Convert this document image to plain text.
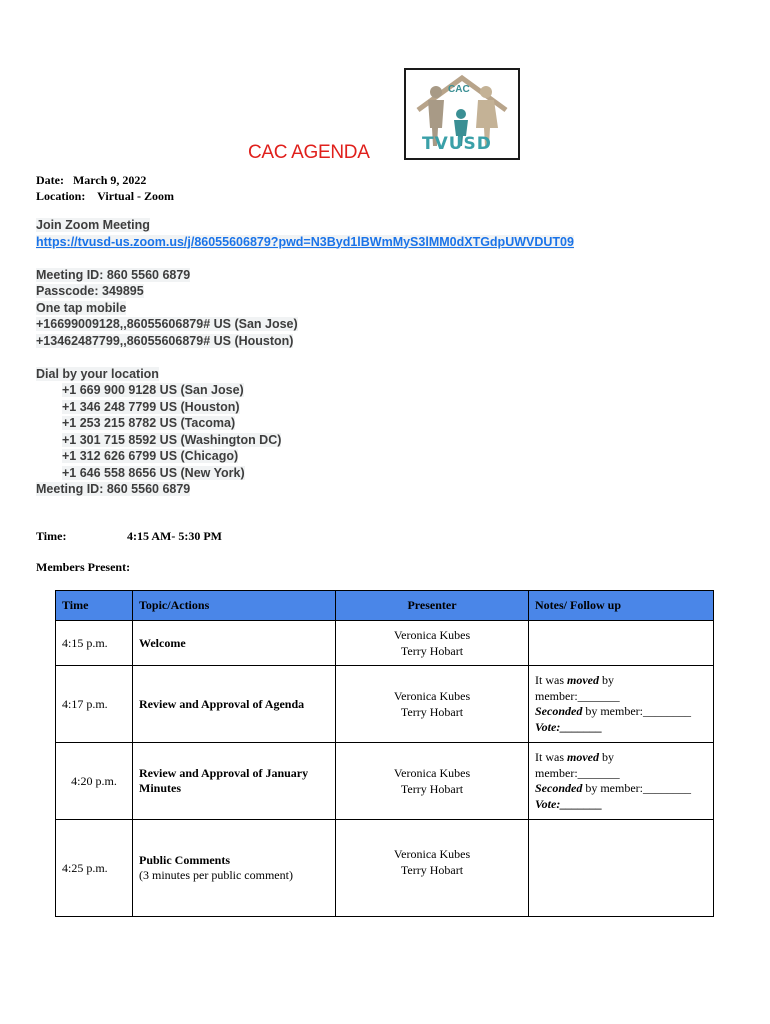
CAC
TVUSD
CAC AGENDA
Date: March 9, 2022
Location: Virtual - Zoom
Join Zoom Meeting
https://tvusd-us.zoom.us/j/86055606879?pwd=N3Byd1lBWmMyS3lMM0dXTGdpUWVDUT09
Meeting ID: 860 5560 6879
Passcode: 349895
One tap mobile
+16699009128,,86055606879# US (San Jose)
+13462487799,,86055606879# US (Houston)
Dial by your location
+1 669 900 9128 US (San Jose)
+1 346 248 7799 US (Houston)
+1 253 215 8782 US (Tacoma)
+1 301 715 8592 US (Washington DC)
+1 312 626 6799 US (Chicago)
+1 646 558 8656 US (New York)
Meeting ID: 860 5560 6879
Time:	4:15 AM- 5:30 PM
Members Present:
Time	Topic/Actions	Presenter	Notes/ Follow up
4:15 p.m.	Welcome	Veronica Kubes
Terry Hobart	

4:17 p.m.	Review and Approval of Agenda	Veronica Kubes
Terry Hobart	It was moved by
member:_______
Seconded by member:________
Vote:_______
4:20 p.m.	Review and Approval of January Minutes	Veronica Kubes
Terry Hobart	It was moved by
member:_______
Seconded by member:________
Vote:_______
4:25 p.m.	Public Comments
(3 minutes per public comment)	Veronica Kubes
Terry Hobart	
